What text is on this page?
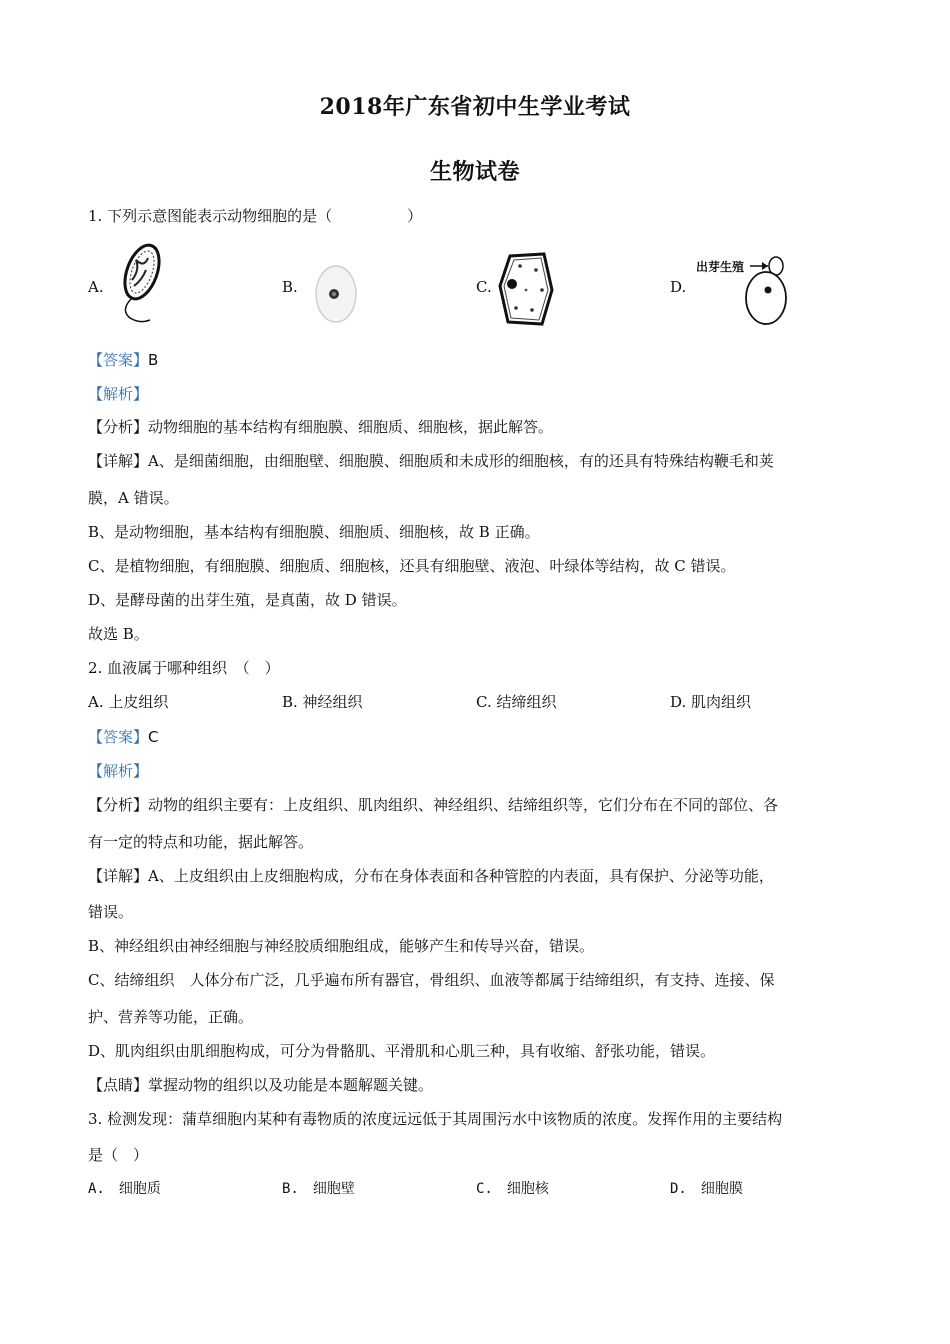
2018年广东省初中生学业考试
生物试卷
1. 下列示意图能表示动物细胞的是（　　　　　）
A.	B.	C.	D.
出芽生殖
【答案】B
【解析】
【分析】动物细胞的基本结构有细胞膜、细胞质、细胞核，据此解答。
【详解】A、是细菌细胞，由细胞壁、细胞膜、细胞质和未成形的细胞核，有的还具有特殊结构鞭毛和荚
膜，A 错误。
B、是动物细胞，基本结构有细胞膜、细胞质、细胞核，故 B 正确。
C、是植物细胞，有细胞膜、细胞质、细胞核，还具有细胞壁、液泡、叶绿体等结构，故 C 错误。
D、是酵母菌的出芽生殖，是真菌，故 D 错误。
故选 B。
2. 血液属于哪种组织　（　）
A. 上皮组织	B. 神经组织	C. 结缔组织	D. 肌肉组织
【答案】C
【解析】
【分析】动物的组织主要有：上皮组织、肌肉组织、神经组织、结缔组织等，它们分布在不同的部位、各
有一定的特点和功能，据此解答。
【详解】A、上皮组织由上皮细胞构成，分布在身体表面和各种管腔的内表面，具有保护、分泌等功能，
错误。
B、神经组织由神经细胞与神经胶质细胞组成，能够产生和传导兴奋，错误。
C、结缔组织　人体分布广泛，几乎遍布所有器官，骨组织、血液等都属于结缔组织，有支持、连接、保
护、营养等功能，正确。
D、肌肉组织由肌细胞构成，可分为骨骼肌、平滑肌和心肌三种，具有收缩、舒张功能，错误。
【点睛】掌握动物的组织以及功能是本题解题关键。
3. 检测发现：蒲草细胞内某种有毒物质的浓度远远低于其周围污水中该物质的浓度。发挥作用的主要结构
是（　）
A.　细胞质	B.　细胞壁	C.　细胞核	D.　细胞膜
